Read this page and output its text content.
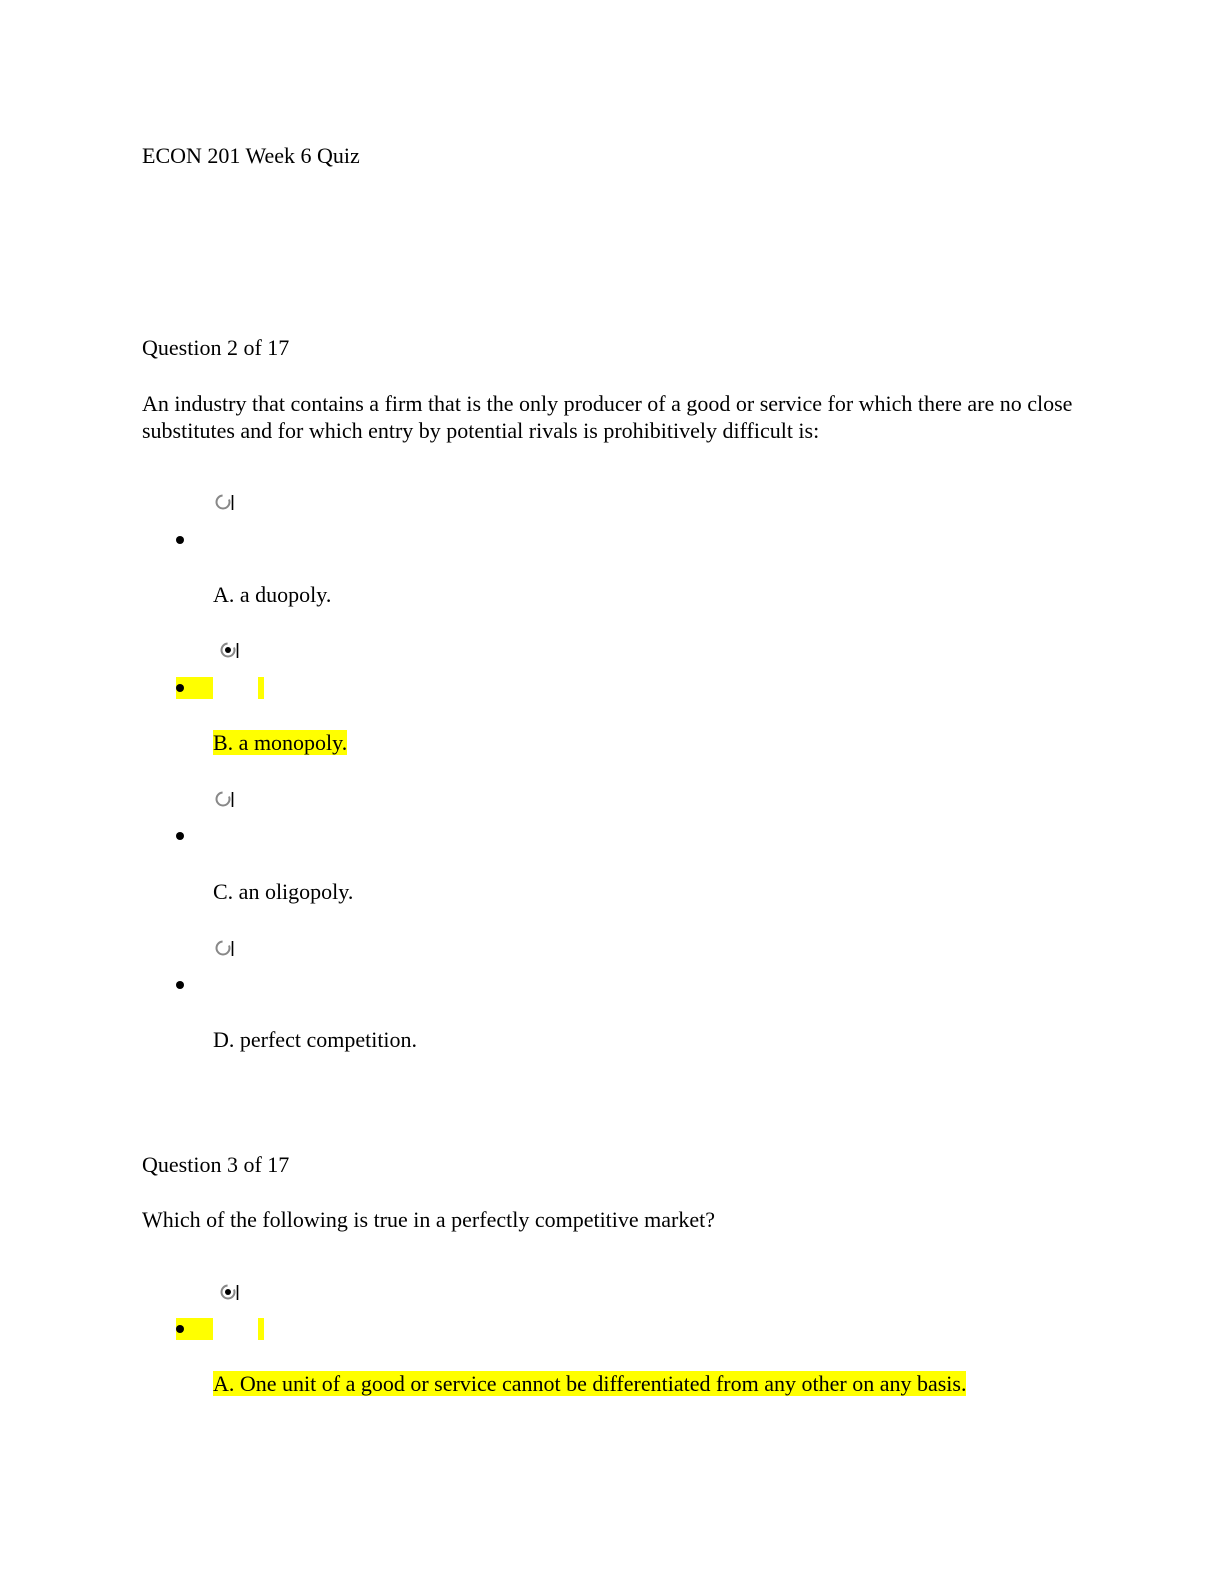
ECON 201 Week 6 Quiz
Question 2 of 17
An industry that contains a firm that is the only producer of a good or service for which there are no close substitutes and for which entry by potential rivals is prohibitively difficult is:
A. a duopoly.
B. a monopoly.
C. an oligopoly.
D. perfect competition.
Question 3 of 17
Which of the following is true in a perfectly competitive market?
A. One unit of a good or service cannot be differentiated from any other on any basis.
